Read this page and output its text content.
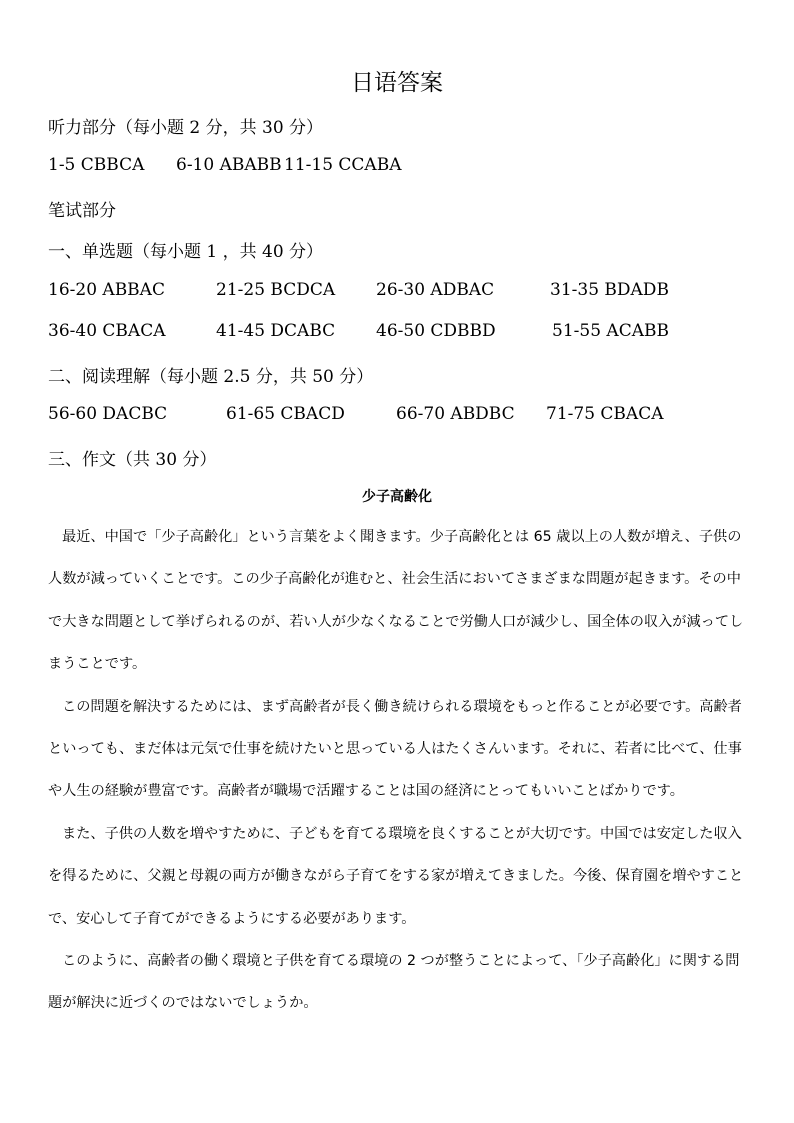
日语答案
听力部分（每小题 2 分，共 30 分）
1-5 CBBCA 6-10 ABABB 11-15 CCABA
笔试部分
一、单选题（每小题 1 ，共 40 分）
16-20 ABBAC	21-25 BCDCA 26-30 ADBAC	31-35 BDADB
36-40 CBACA	41-45 DCABC 46-50 CDBBD	51-55 ACABB
二、阅读理解（每小题 2.5 分，共 50 分）
56-60 DACBC	61-65 CBACD	66-70 ABDBC 71-75 CBACA
三、作文（共 30 分）
少子高齢化

最近、中国で「少子高齢化」という言葉をよく聞きます。少子高齢化とは 65 歳以上の人数が増え、子供の人数が減っていくことです。この少子高齢化が進むと、社会生活においてさまざまな問題が起きます。その中で大きな問題として挙げられるのが、若い人が少なくなることで労働人口が減少し、国全体の収入が減ってしまうことです。

この問題を解決するためには、まず高齢者が長く働き続けられる環境をもっと作ることが必要です。高齢者といっても、まだ体は元気で仕事を続けたいと思っている人はたくさんいます。それに、若者に比べて、仕事や人生の経験が豊富です。高齢者が職場で活躍することは国の経済にとってもいいことばかりです。

また、子供の人数を増やすために、子どもを育てる環境を良くすることが大切です。中国では安定した収入を得るために、父親と母親の両方が働きながら子育てをする家が増えてきました。今後、保育園を増やすことで、安心して子育てができるようにする必要があります。

このように、高齢者の働く環境と子供を育てる環境の 2 つが整うことによって、「少子高齢化」に関する問題が解決に近づくのではないでしょうか。
